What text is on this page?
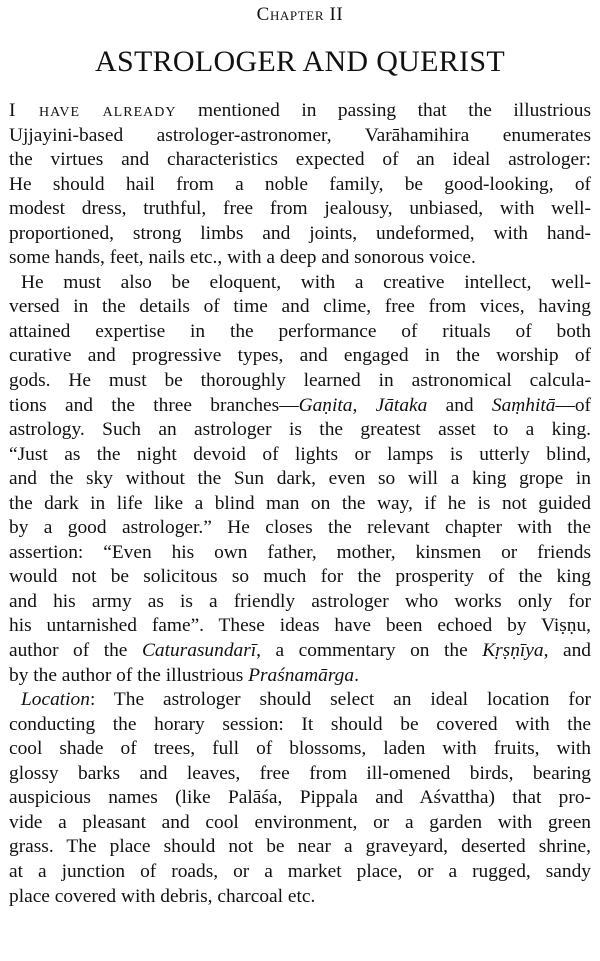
Chapter II
ASTROLOGER AND QUERIST
I have already mentioned in passing that the illustrious
Ujjayini-based astrologer-astronomer, Varāhamihira enumerates
the virtues and characteristics expected of an ideal astrologer:
He should hail from a noble family, be good-looking, of
modest dress, truthful, free from jealousy, unbiased, with well-
proportioned, strong limbs and joints, undeformed, with hand-
some hands, feet, nails etc., with a deep and sonorous voice.
He must also be eloquent, with a creative intellect, well-
versed in the details of time and clime, free from vices, having
attained expertise in the performance of rituals of both
curative and progressive types, and engaged in the worship of
gods. He must be thoroughly learned in astronomical calcula-
tions and the three branches—Gaṇita, Jātaka and Saṃhitā—of
astrology. Such an astrologer is the greatest asset to a king.
“Just as the night devoid of lights or lamps is utterly blind,
and the sky without the Sun dark, even so will a king grope in
the dark in life like a blind man on the way, if he is not guided
by a good astrologer.” He closes the relevant chapter with the
assertion: “Even his own father, mother, kinsmen or friends
would not be solicitous so much for the prosperity of the king
and his army as is a friendly astrologer who works only for
his untarnished fame”. These ideas have been echoed by Viṣṇu,
author of the Caturasundarī, a commentary on the Kṛṣṇīya, and
by the author of the illustrious Praśnamārga.
Location: The astrologer should select an ideal location for
conducting the horary session: It should be covered with the
cool shade of trees, full of blossoms, laden with fruits, with
glossy barks and leaves, free from ill-omened birds, bearing
auspicious names (like Palāśa, Pippala and Aśvattha) that pro-
vide a pleasant and cool environment, or a garden with green
grass. The place should not be near a graveyard, deserted shrine,
at a junction of roads, or a market place, or a rugged, sandy
place covered with debris, charcoal etc.
